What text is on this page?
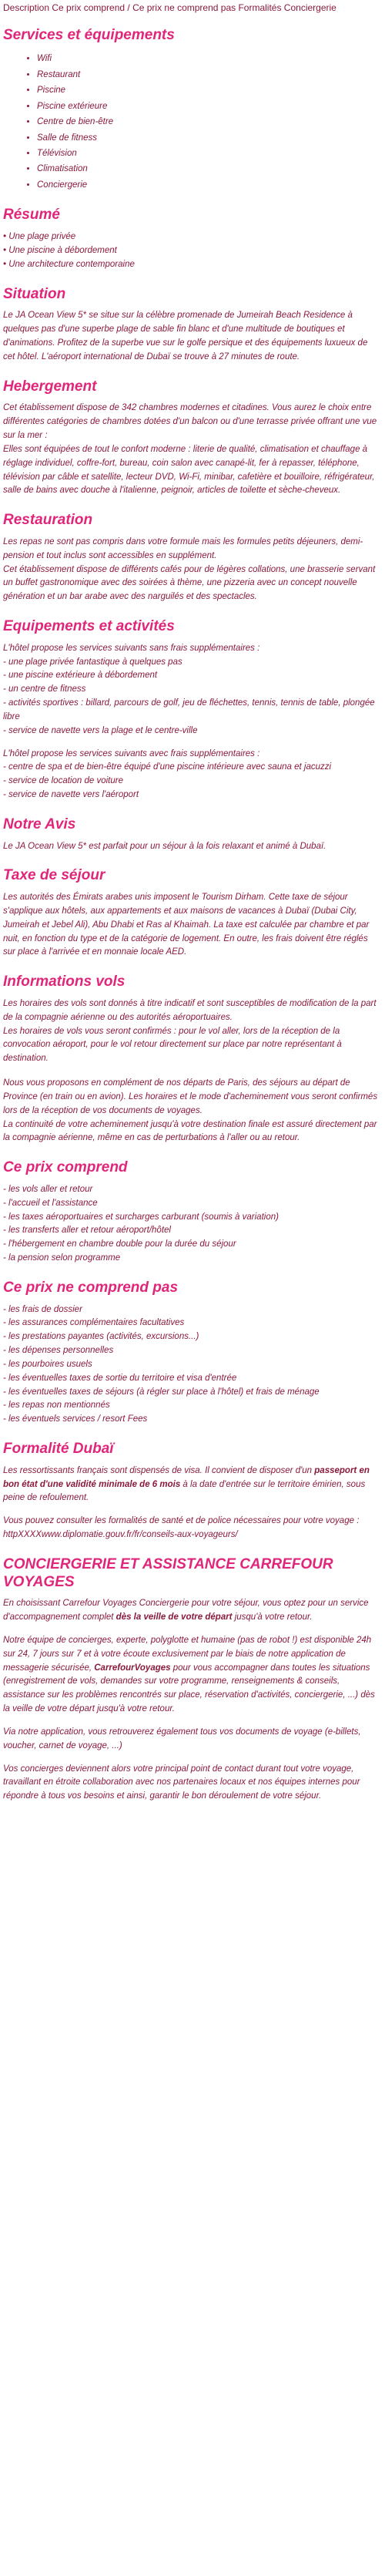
Description Ce prix comprend / Ce prix ne comprend pas Formalités Conciergerie
Services et équipements
• Wifi
• Restaurant
• Piscine
• Piscine extérieure
• Centre de bien-être
• Salle de fitness
• Télévision
• Climatisation
• Conciergerie
Résumé

• Une plage privée
• Une piscine à débordement
• Une architecture contemporaine

Situation

Le JA Ocean View 5* se situe sur la célèbre promenade de Jumeirah Beach Residence à quelques pas d'une superbe plage de sable fin blanc et d'une multitude de boutiques et d'animations. Profitez de la superbe vue sur le golfe persique et des équipements luxueux de cet hôtel. L'aéroport international de Dubaï se trouve à 27 minutes de route.

Hebergement

Cet établissement dispose de 342 chambres modernes et citadines. Vous aurez le choix entre différentes catégories de chambres dotées d'un balcon ou d'une terrasse privée offrant une vue sur la mer :
Elles sont équipées de tout le confort moderne : literie de qualité, climatisation et chauffage à réglage individuel, coffre-fort, bureau, coin salon avec canapé-lit, fer à repasser, téléphone, télévision par câble et satellite, lecteur DVD, Wi-Fi, minibar, cafetière et bouilloire, réfrigérateur, salle de bains avec douche à l'italienne, peignoir, articles de toilette et sèche-cheveux.

Restauration

Les repas ne sont pas compris dans votre formule mais les formules petits déjeuners, demi-pension et tout inclus sont accessibles en supplément.
Cet établissement dispose de différents cafés pour de légères collations, une brasserie servant un buffet gastronomique avec des soirées à thème, une pizzeria avec un concept nouvelle génération et un bar arabe avec des narguilés et des spectacles.

Equipements et activités

L'hôtel propose les services suivants sans frais supplémentaires :
- une plage privée fantastique à quelques pas
- une piscine extérieure à débordement
- un centre de fitness
- activités sportives : billard, parcours de golf, jeu de fléchettes, tennis, tennis de table, plongée libre
- service de navette vers la plage et le centre-ville

L'hôtel propose les services suivants avec frais supplémentaires :
- centre de spa et de bien-être équipé d'une piscine intérieure avec sauna et jacuzzi
- service de location de voiture
- service de navette vers l'aéroport

Notre Avis

Le JA Ocean View 5* est parfait pour un séjour à la fois relaxant et animé à Dubaï.

Taxe de séjour

Les autorités des Émirats arabes unis imposent le Tourism Dirham. Cette taxe de séjour s'applique aux hôtels, aux appartements et aux maisons de vacances à Dubaï (Dubai City, Jumeirah et Jebel Ali), Abu Dhabi et Ras al Khaimah. La taxe est calculée par chambre et par nuit, en fonction du type et de la catégorie de logement. En outre, les frais doivent être réglés sur place à l'arrivée et en monnaie locale AED.

Informations vols

Les horaires des vols sont donnés à titre indicatif et sont susceptibles de modification de la part de la compagnie aérienne ou des autorités aéroportuaires.
Les horaires de vols vous seront confirmés : pour le vol aller, lors de la réception de la convocation aéroport, pour le vol retour directement sur place par notre représentant à destination.
Nous vous proposons en complément de nos départs de Paris, des séjours au départ de Province (en train ou en avion). Les horaires et le mode d'acheminement vous seront confirmés lors de la réception de vos documents de voyages.
La continuité de votre acheminement jusqu'à votre destination finale est assuré directement par la compagnie aérienne, même en cas de perturbations à l'aller ou au retour.

Ce prix comprend

- les vols aller et retour
- l'accueil et l'assistance
- les taxes aéroportuaires et surcharges carburant (soumis à variation)
- les transferts aller et retour aéroport/hôtel
- l'hébergement en chambre double pour la durée du séjour
- la pension selon programme

Ce prix ne comprend pas

- les frais de dossier
- les assurances complémentaires facultatives
- les prestations payantes (activités, excursions...)
- les dépenses personnelles
- les pourboires usuels
- les éventuelles taxes de sortie du territoire et visa d'entrée
- les éventuelles taxes de séjours (à régler sur place à l'hôtel) et frais de ménage
- les repas non mentionnés
- les éventuels services / resort Fees

Formalité Dubaï

Les ressortissants français sont dispensés de visa. Il convient de disposer d'un passeport en bon état d'une validité minimale de 6 mois à la date d'entrée sur le territoire émirien, sous peine de refoulement.

Vous pouvez consulter les formalités de santé et de police nécessaires pour votre voyage : httpXXXXwww.diplomatie.gouv.fr/fr/conseils-aux-voyageurs/

CONCIERGERIE ET ASSISTANCE CARREFOUR VOYAGES

En choisissant Carrefour Voyages Conciergerie pour votre séjour, vous optez pour un service d'accompagnement complet dès la veille de votre départ jusqu'à votre retour.

Notre équipe de concierges, experte, polyglotte et humaine (pas de robot !) est disponible 24h sur 24, 7 jours sur 7 et à votre écoute exclusivement par le biais de notre application de messagerie sécurisée, CarrefourVoyages pour vous accompagner dans toutes les situations (enregistrement de vols, demandes sur votre programme, renseignements & conseils, assistance sur les problèmes rencontrés sur place, réservation d'activités, conciergerie, ...) dès la veille de votre départ jusqu'à votre retour.

Via notre application, vous retrouverez également tous vos documents de voyage (e-billets, voucher, carnet de voyage, ...)

Vos concierges deviennent alors votre principal point de contact durant tout votre voyage, travaillant en étroite collaboration avec nos partenaires locaux et nos équipes internes pour répondre à tous vos besoins et ainsi, garantir le bon déroulement de votre séjour.
